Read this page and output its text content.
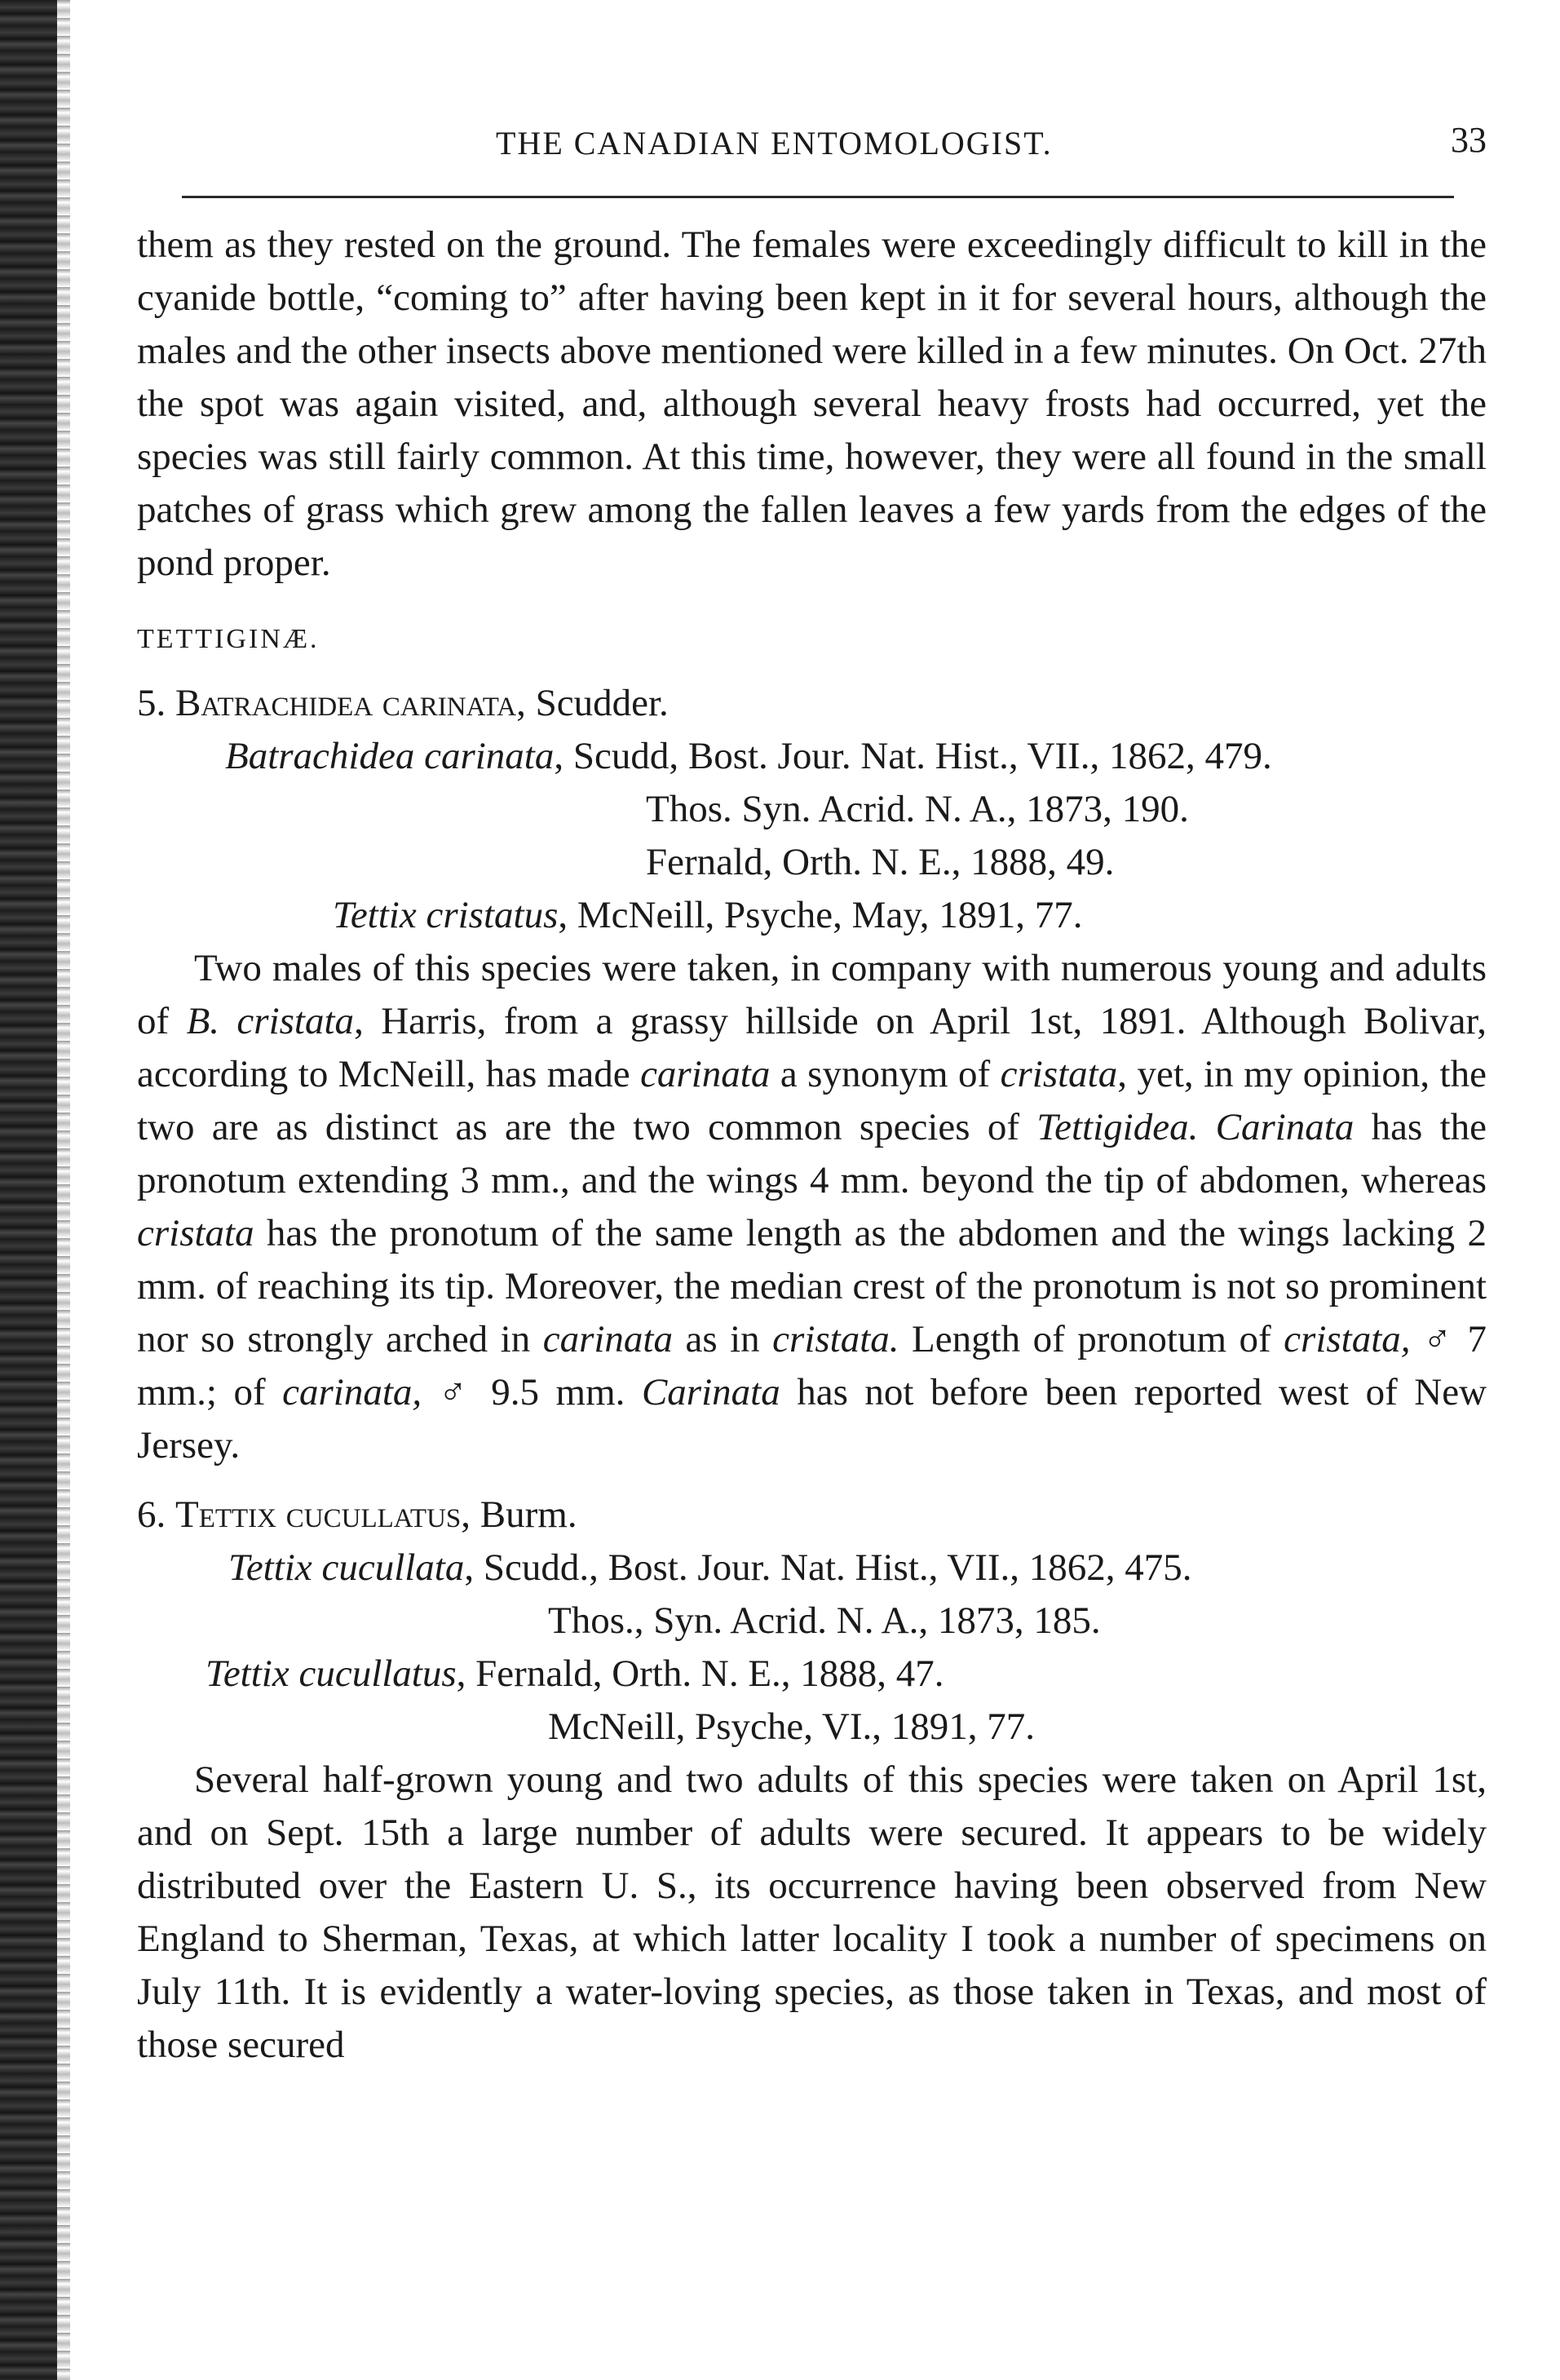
THE CANADIAN ENTOMOLOGIST.	33

them as they rested on the ground. The females were exceedingly difficult to kill in the cyanide bottle, “coming to” after having been kept in it for several hours, although the males and the other insects above mentioned were killed in a few minutes. On Oct. 27th the spot was again visited, and, although several heavy frosts had occurred, yet the species was still fairly common. At this time, however, they were all found in the small patches of grass which grew among the fallen leaves a few yards from the edges of the pond proper.

TETTIGINÆ.

5. Batrachidea carinata, Scudder.

Batrachidea carinata, Scudd, Bost. Jour. Nat. Hist., VII., 1862, 479.

Thos. Syn. Acrid. N. A., 1873, 190.

Fernald, Orth. N. E., 1888, 49.

Tettix cristatus, McNeill, Psyche, May, 1891, 77.

Two males of this species were taken, in company with numerous young and adults of B. cristata, Harris, from a grassy hillside on April 1st, 1891. Although Bolivar, according to McNeill, has made carinata a synonym of cristata, yet, in my opinion, the two are as distinct as are the two common species of Tettigidea. Carinata has the pronotum extending 3 mm., and the wings 4 mm. beyond the tip of abdomen, whereas cristata has the pronotum of the same length as the abdomen and the wings lacking 2 mm. of reaching its tip. Moreover, the median crest of the pronotum is not so prominent nor so strongly arched in carinata as in cristata. Length of pronotum of cristata, ♂ 7 mm.; of carinata, ♂ 9.5 mm. Carinata has not before been reported west of New Jersey.

6. Tettix cucullatus, Burm.

Tettix cucullata, Scudd., Bost. Jour. Nat. Hist., VII., 1862, 475.

Thos., Syn. Acrid. N. A., 1873, 185.

Tettix cucullatus, Fernald, Orth. N. E., 1888, 47.

McNeill, Psyche, VI., 1891, 77.

Several half-grown young and two adults of this species were taken on April 1st, and on Sept. 15th a large number of adults were secured. It appears to be widely distributed over the Eastern U. S., its occurrence having been observed from New England to Sherman, Texas, at which latter locality I took a number of specimens on July 11th. It is evidently a water-loving species, as those taken in Texas, and most of those secured
